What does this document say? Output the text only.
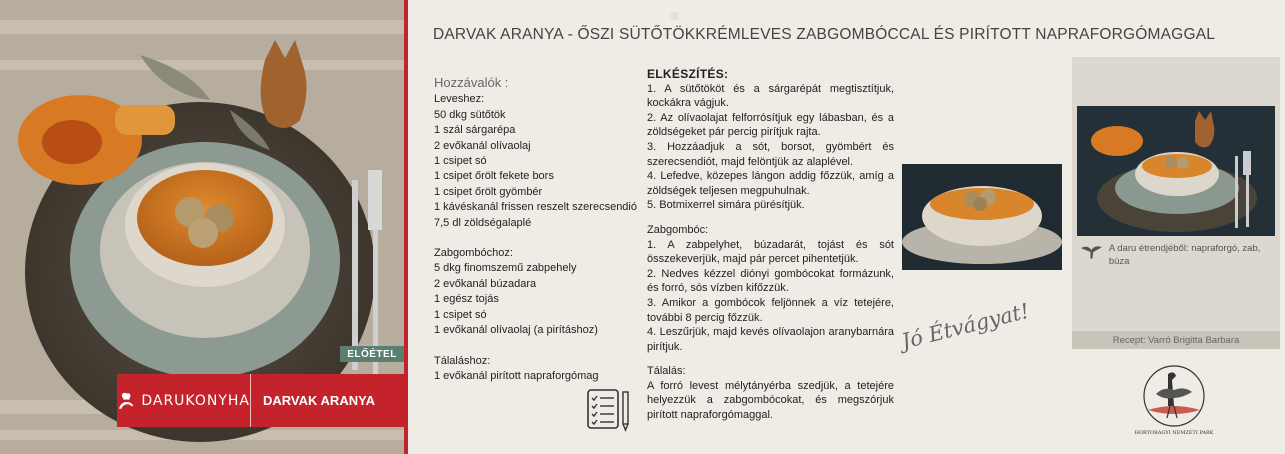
ELŐÉTEL
DARUKONYHA	DARVAK ARANYA
❁
DARVAK ARANYA - ŐSZI SÜTŐTÖKKRÉMLEVES ZABGOMBÓCCAL ÉS PIRÍTOTT NAPRAFORGÓMAGGAL
Hozzávalók :
Leveshez:
50 dkg sütőtök
1 szál sárgarépa
2 evőkanál olívaolaj
1 csipet só
1 csipet őrölt fekete bors
1 csipet őrölt gyömbér
1 kávéskanál frissen reszelt szerecsendió
7,5 dl zöldségalaplé
Zabgombóchoz:
5 dkg finomszemű zabpehely
2 evőkanál búzadara
1 egész tojás
1 csipet só
1 evőkanál olívaolaj (a pirításhoz)
Tálaláshoz:
1 evőkanál pirított napraforgómag
ELKÉSZÍTÉS:
1. A sütőtököt és a sárgarépát megtisztítjuk, kockákra vágjuk.
2. Az olívaolajat felforrósítjuk egy lábasban, és a zöldségeket pár percig pirítjuk rajta.
3. Hozzáadjuk a sót, borsot, gyömbért és szerecsendiót, majd felöntjük az alaplével.
4. Lefedve, közepes lángon addig főzzük, amíg a zöldségek teljesen megpuhulnak.
5. Botmixerrel simára pürésítjük.
Zabgombóc:
1. A zabpelyhet, búzadarát, tojást és sót összekeverjük, majd pár percet pihentetjük.
2. Nedves kézzel diónyi gombócokat formázunk, és forró, sós vízben kifőzzük.
3. Amikor a gombócok feljönnek a víz tetejére, további 8 percig főzzük.
4. Leszűrjük, majd kevés olívaolajon aranybarnára pirítjuk.
Tálalás:
A forró levest mélytányérba szedjük, a tetejére helyezzük a zabgombócokat, és megszórjuk pirított napraforgómaggal.
Jó Étvágyat!
A daru étrendjéből: napraforgó, zab, búza
Recept: Varró Brigitta Barbara
HORTOBÁGYI NEMZETI PARK
